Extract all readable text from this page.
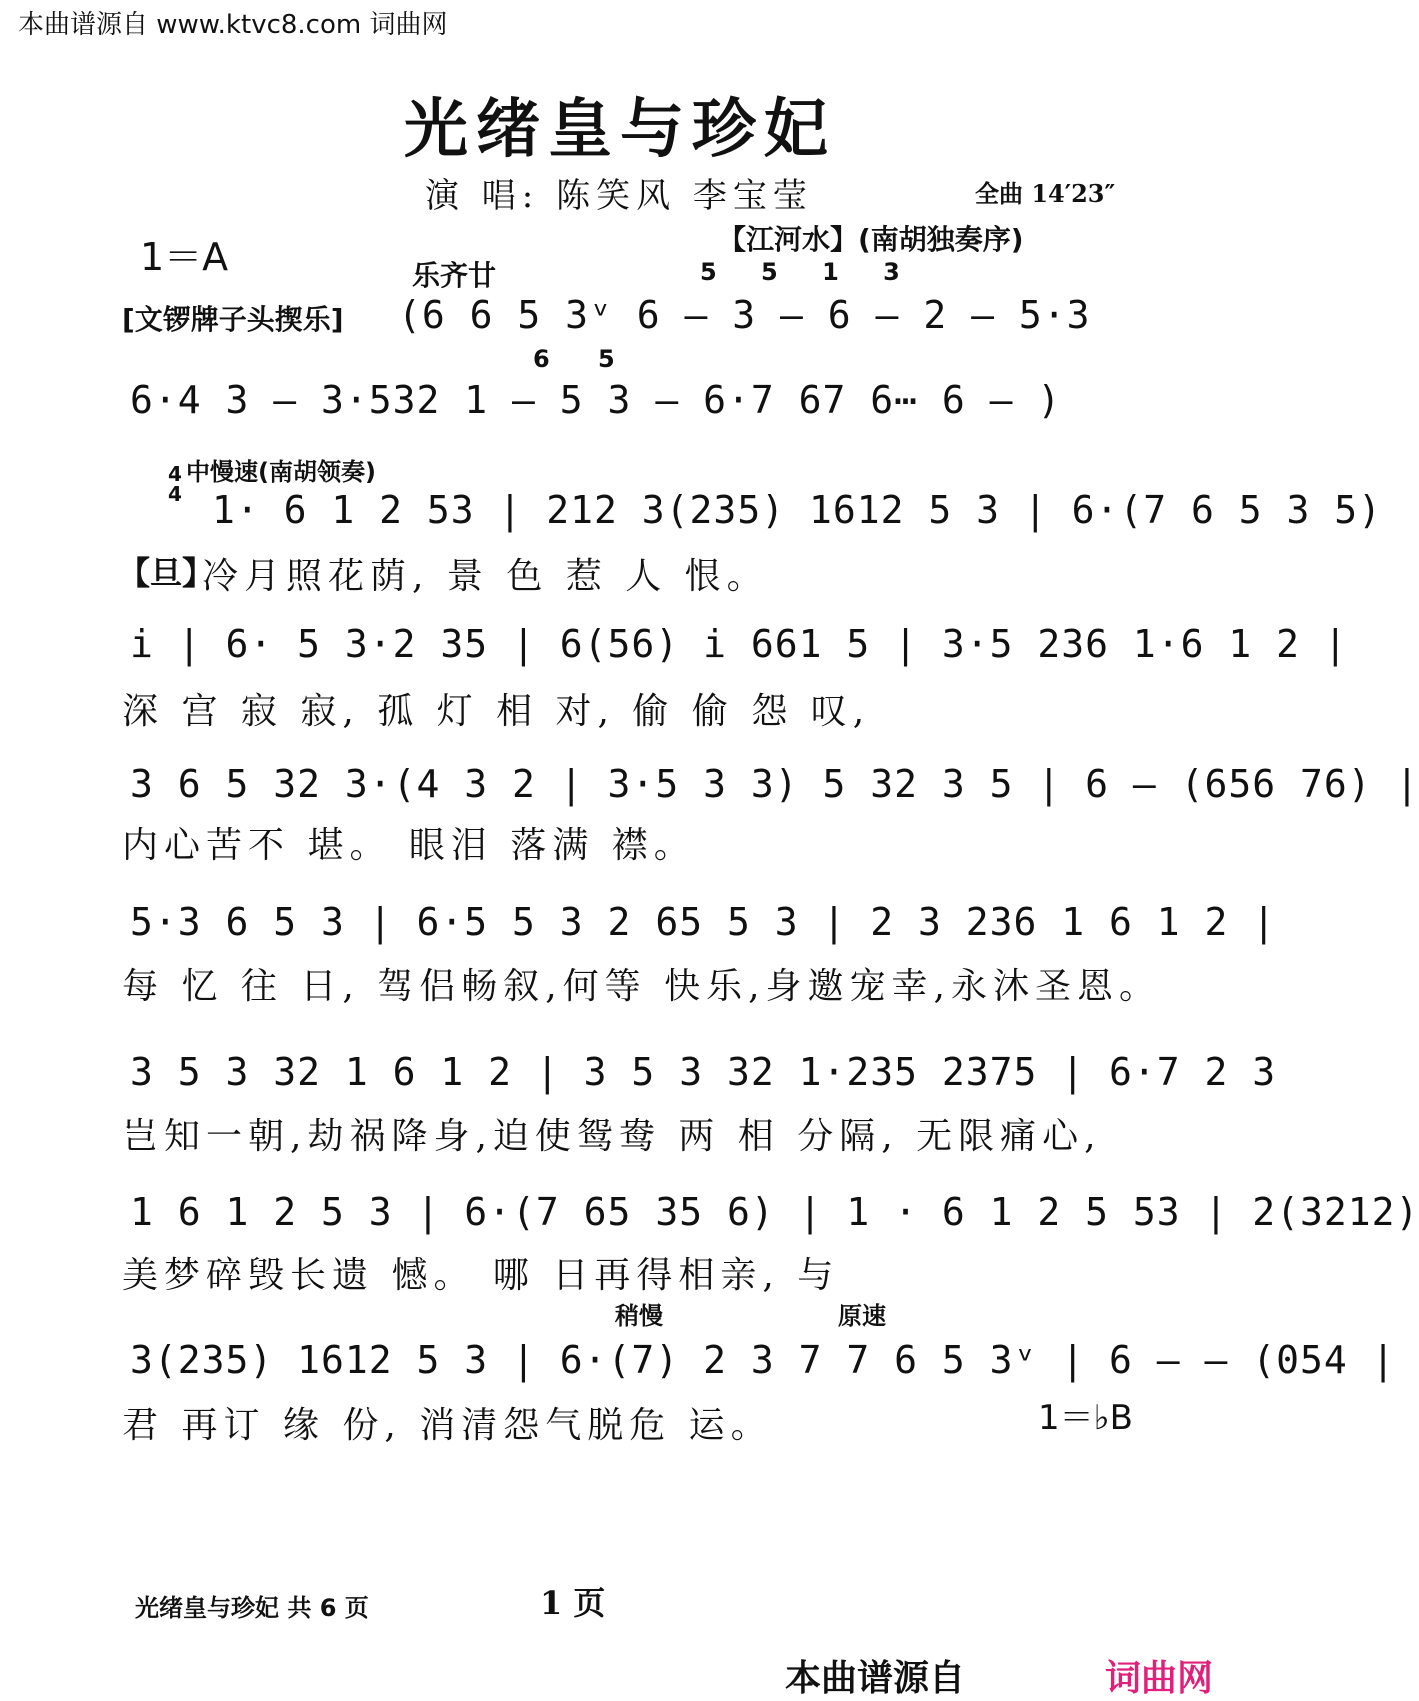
本曲谱源自 www.ktvc8.com 词曲网
光绪皇与珍妃
演 唱: 陈笑风 李宝莹	全曲 14′23″
1＝A	【江河水】(南胡独奏序)
乐齐廿
[文锣牌子头揳乐]
5 5 1 3
(6 6 5 3ᵛ 6 — 3 — 6 — 2 — 5·3
6 5
6·4 3 — 3·532 1 — 5 3 — 6·7 67 6⋯ 6 — )
4
4
中慢速(南胡领奏)
1· 6 1 2 53 | 212 3(235) 1612 5 3 | 6·(7 6 5 3 5)
【旦】
冷月照花荫, 景 色 惹 人 恨。
i | 6· 5 3·2 35 | 6(56) i 661 5 | 3·5 236 1·6 1 2 |
深 宫 寂 寂, 孤 灯 相 对, 偷 偷 怨 叹,
3 6 5 32 3·(4 3 2 | 3·5 3 3) 5 32 3 5 | 6 — (656 76) |
内心苦不 堪。 眼泪 落满 襟。
5·3 6 5 3 | 6·5 5 3 2 65 5 3 | 2 3 236 1 6 1 2 |
每 忆 往 日, 驾侣畅叙,何等 快乐,身邀宠幸,永沐圣恩。
3 5 3 32 1 6 1 2 | 3 5 3 32 1·235 2375 | 6·7 2 3
岂知一朝,劫祸降身,迫使鸳鸯 两 相 分隔, 无限痛心,
1 6 1 2 5 3 | 6·(7 65 35 6) | 1 · 6 1 2 5 53 | 2(3212)
美梦碎毁长遗 憾。 哪 日再得相亲, 与
稍慢	原速
1＝♭B
3(235) 1612 5 3 | 6·(7) 2 3 7 7 6 5 3ᵛ | 6 — — (054 |
君 再订 缘 份, 消清怨气脱危 运。
光绪皇与珍妃 共 6 页	1 页
本曲谱源自	词曲网
